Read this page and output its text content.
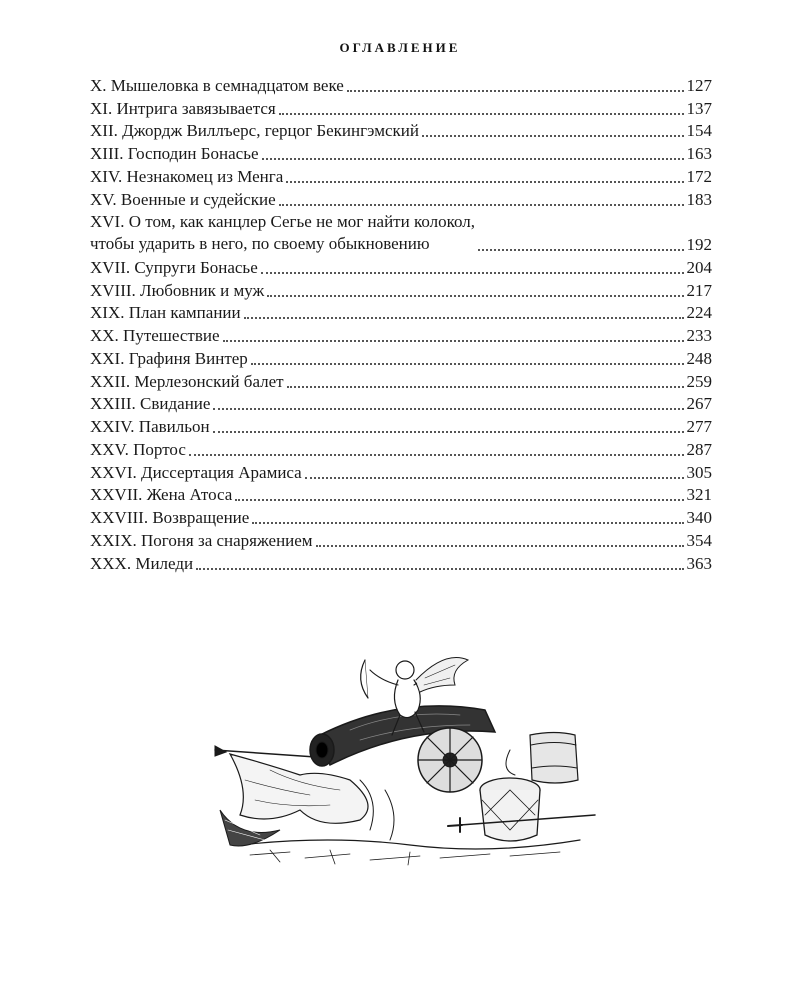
ОГЛАВЛЕНИЕ
X. Мышеловка в семнадцатом веке	127
XI. Интрига завязывается	137
XII. Джордж Виллъерс, герцог Бекингэмский	154
XIII. Господин Бонасье	163
XIV. Незнакомец из Менга	172
XV. Военные и судейские	183
XVI. О том, как канцлер Сегье не мог найти колокол,
чтобы ударить в него, по своему обыкновению	192
XVII. Супруги Бонасье	204
XVIII. Любовник и муж	217
XIX. План кампании	224
XX. Путешествие	233
XXI. Графиня Винтер	248
XXII. Мерлезонский балет	259
XXIII. Свидание	267
XXIV. Павильон	277
XXV. Портос	287
XXVI. Диссертация Арамиса	305
XXVII. Жена Атоса	321
XXVIII. Возвращение	340
XXIX. Погоня за снаряжением	354
XXX. Миледи	363
